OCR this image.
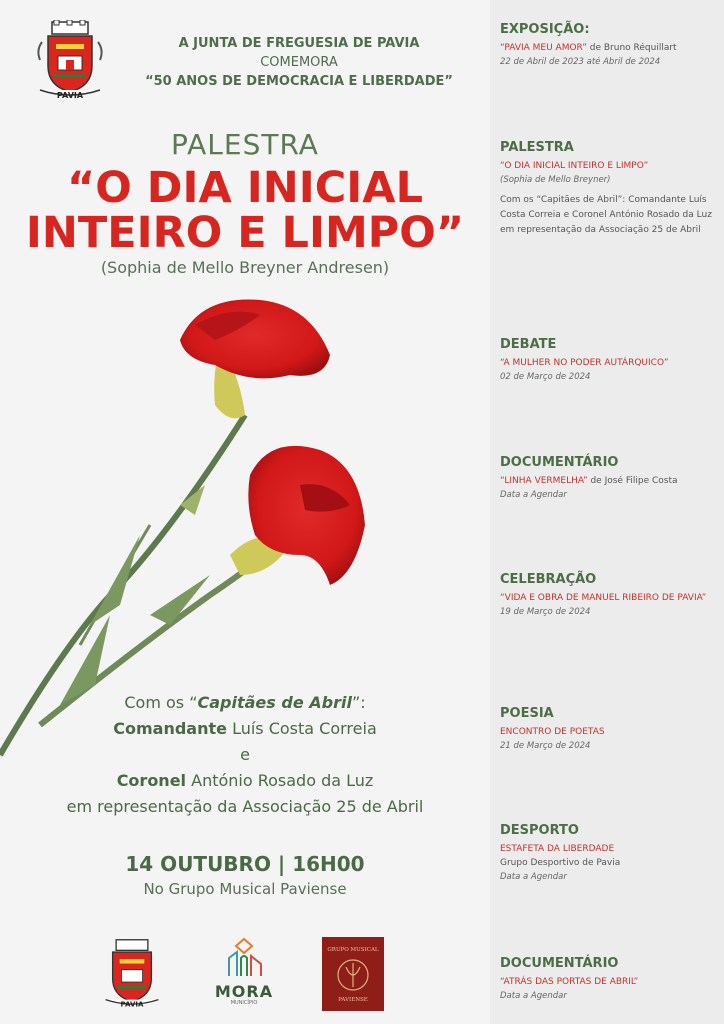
PAVIA
A JUNTA DE FREGUESIA DE PAVIA
COMEMORA
“50 ANOS DE DEMOCRACIA E LIBERDADE”
PALESTRA
“O DIA INICIAL
INTEIRO E LIMPO”
(Sophia de Mello Breyner Andresen)
Com os “Capitães de Abril”:
Comandante Luís Costa Correia
e
Coronel António Rosado da Luz
em representação da Associação 25 de Abril
14 OUTUBRO | 16H00
No Grupo Musical Paviense
PAVIA
MORA
MUNICÍPIO
GRUPO MUSICAL
PAVIENSE
EXPOSIÇÃO:
“PAVIA MEU AMOR” de Bruno Réquillart
22 de Abril de 2023 até Abril de 2024
PALESTRA
“O DIA INICIAL INTEIRO E LIMPO”
(Sophia de Mello Breyner)
Com os “Capitães de Abril”: Comandante Luís Costa Correia e Coronel António Rosado da Luz em representação da Associação 25 de Abril
DEBATE
“A MULHER NO PODER AUTÁRQUICO”
02 de Março de 2024
DOCUMENTÁRIO
“LINHA VERMELHA” de José Filipe Costa
Data a Agendar
CELEBRAÇÃO
“VIDA E OBRA DE MANUEL RIBEIRO DE PAVIA”
19 de Março de 2024
POESIA
ENCONTRO DE POETAS
21 de Março de 2024
DESPORTO
ESTAFETA DA LIBERDADE
Grupo Desportivo de Pavia
Data a Agendar
DOCUMENTÁRIO
“ATRÁS DAS PORTAS DE ABRIL”
Data a Agendar
